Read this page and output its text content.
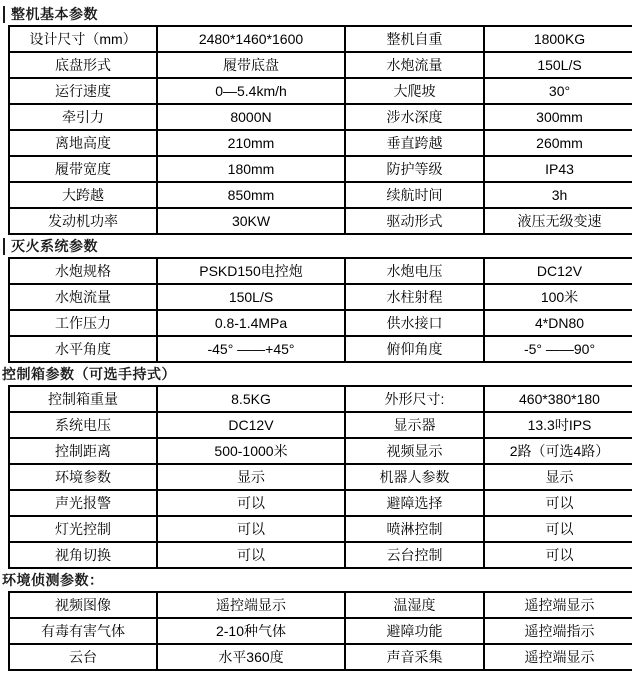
整机基本参数
设计尺寸（mm）	2480*1460*1600	整机自重	1800KG
底盘形式	履带底盘	水炮流量	150L/S
运行速度	0—5.4km/h	大爬坡	30°
牵引力	8000N	涉水深度	300mm
离地高度	210mm	垂直跨越	260mm
履带宽度	180mm	防护等级	IP43
大跨越	850mm	续航时间	3h
发动机功率	30KW	驱动形式	液压无级变速
灭火系统参数
水炮规格	PSKD150电控炮	水炮电压	DC12V
水炮流量	150L/S	水柱射程	100米
工作压力	0.8-1.4MPa	供水接口	4*DN80
水平角度	-45° ——+45°	俯仰角度	-5° ——90°
控制箱参数（可选手持式）
控制箱重量	8.5KG	外形尺寸:	460*380*180
系统电压	DC12V	显示器	13.3吋IPS
控制距离	500-1000米	视频显示	2路（可选4路）
环境参数	显示	机器人参数	显示
声光报警	可以	避障选择	可以
灯光控制	可以	喷淋控制	可以
视角切换	可以	云台控制	可以
环境侦测参数：
视频图像	遥控端显示	温湿度	遥控端显示
有毒有害气体	2-10种气体	避障功能	遥控端指示
云台	水平360度	声音采集	遥控端显示
